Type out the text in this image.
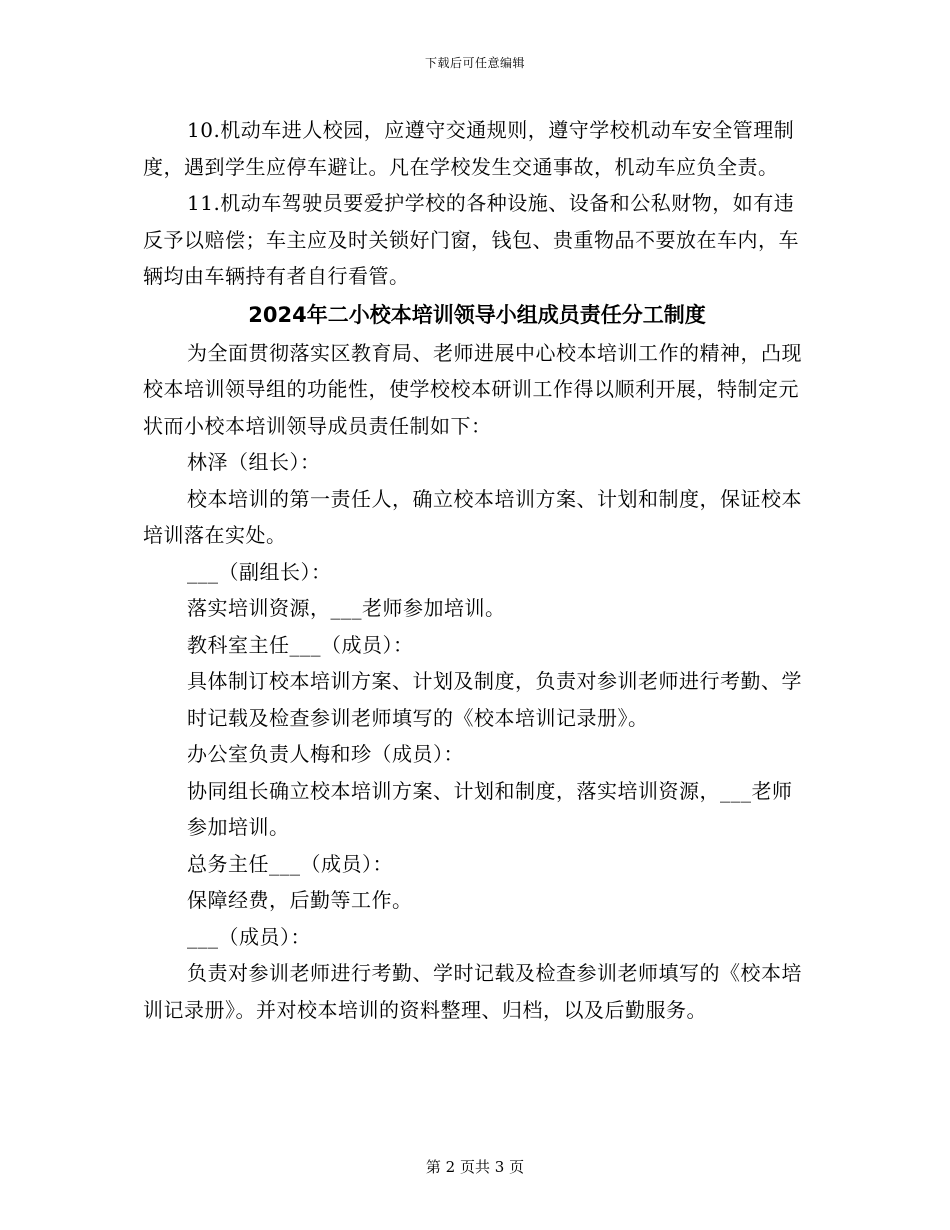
下载后可任意编辑

10.机动车进人校园，应遵守交通规则，遵守学校机动车安全管理制度，遇到学生应停车避让。凡在学校发生交通事故，机动车应负全责。

11.机动车驾驶员要爱护学校的各种设施、设备和公私财物，如有违反予以赔偿；车主应及时关锁好门窗，钱包、贵重物品不要放在车内，车辆均由车辆持有者自行看管。

2024年二小校本培训领导小组成员责任分工制度

为全面贯彻落实区教育局、老师进展中心校本培训工作的精神，凸现校本培训领导组的功能性，使学校校本研训工作得以顺利开展，特制定元状而小校本培训领导成员责任制如下：

林泽（组长）：

校本培训的第一责任人，确立校本培训方案、计划和制度，保证校本培训落在实处。

___（副组长）：

落实培训资源，___老师参加培训。

教科室主任___（成员）：

具体制订校本培训方案、计划及制度，负责对参训老师进行考勤、学时记载及检查参训老师填写的《校本培训记录册》。

办公室负责人梅和珍（成员）：

协同组长确立校本培训方案、计划和制度，落实培训资源，___老师参加培训。

总务主任___（成员）：

保障经费，后勤等工作。

___（成员）：

负责对参训老师进行考勤、学时记载及检查参训老师填写的《校本培训记录册》。并对校本培训的资料整理、归档，以及后勤服务。

第 2 页共 3 页
